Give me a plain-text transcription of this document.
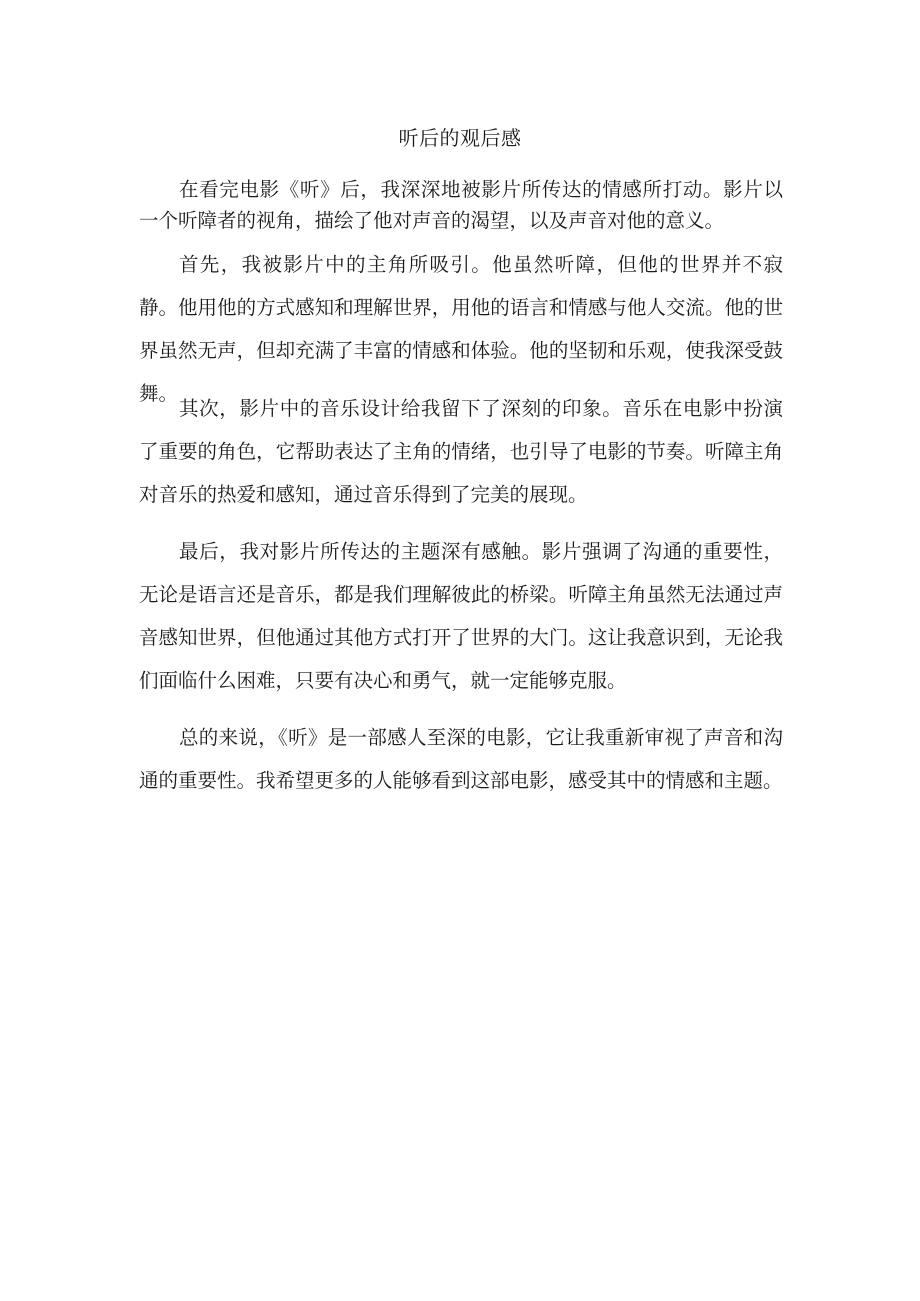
听后的观后感

在看完电影《听》后，我深深地被影片所传达的情感所打动。影片以一个听障者的视角，描绘了他对声音的渴望，以及声音对他的意义。

首先，我被影片中的主角所吸引。他虽然听障，但他的世界并不寂静。他用他的方式感知和理解世界，用他的语言和情感与他人交流。他的世界虽然无声，但却充满了丰富的情感和体验。他的坚韧和乐观，使我深受鼓舞。

其次，影片中的音乐设计给我留下了深刻的印象。音乐在电影中扮演了重要的角色，它帮助表达了主角的情绪，也引导了电影的节奏。听障主角对音乐的热爱和感知，通过音乐得到了完美的展现。

最后，我对影片所传达的主题深有感触。影片强调了沟通的重要性，无论是语言还是音乐，都是我们理解彼此的桥梁。听障主角虽然无法通过声音感知世界，但他通过其他方式打开了世界的大门。这让我意识到，无论我们面临什么困难，只要有决心和勇气，就一定能够克服。

总的来说，《听》是一部感人至深的电影，它让我重新审视了声音和沟通的重要性。我希望更多的人能够看到这部电影，感受其中的情感和主题。
